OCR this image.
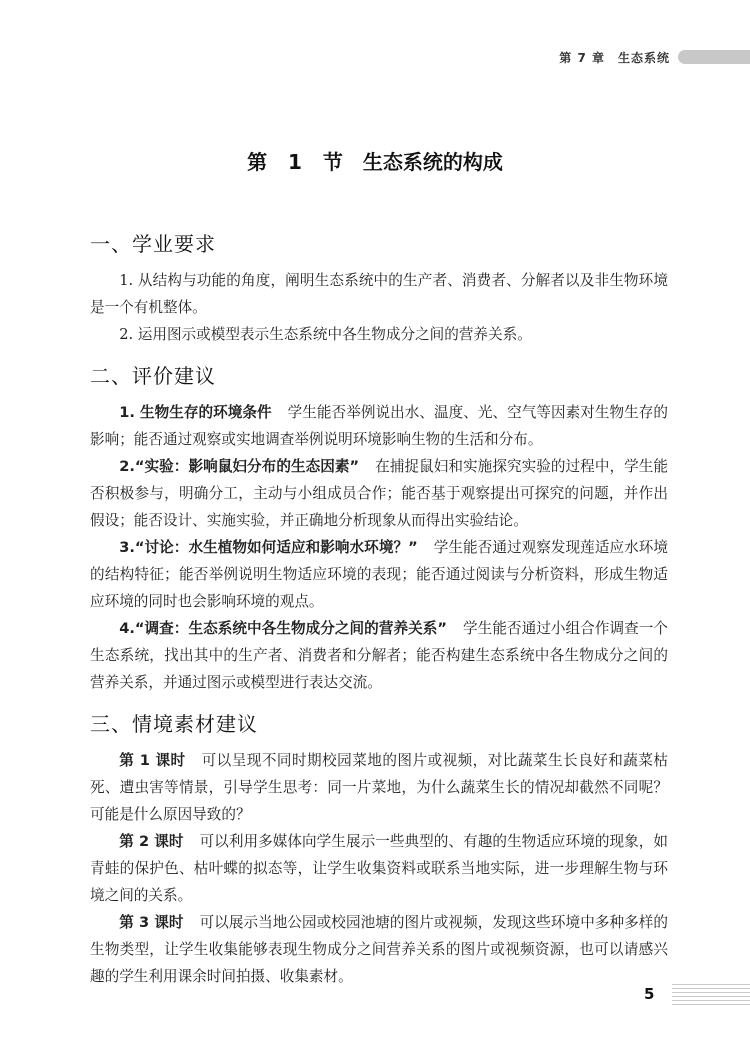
第 7 章　生态系统
第 1 节　生态系统的构成
一、学业要求

1. 从结构与功能的角度，阐明生态系统中的生产者、消费者、分解者以及非生物环境是一个有机整体。

2. 运用图示或模型表示生态系统中各生物成分之间的营养关系。

二、评价建议

1. 生物生存的环境条件 学生能否举例说出水、温度、光、空气等因素对生物生存的影响；能否通过观察或实地调查举例说明环境影响生物的生活和分布。

2.“实验：影响鼠妇分布的生态因素” 在捕捉鼠妇和实施探究实验的过程中，学生能否积极参与，明确分工，主动与小组成员合作；能否基于观察提出可探究的问题，并作出假设；能否设计、实施实验，并正确地分析现象从而得出实验结论。

3.“讨论：水生植物如何适应和影响水环境？” 学生能否通过观察发现莲适应水环境的结构特征；能否举例说明生物适应环境的表现；能否通过阅读与分析资料，形成生物适应环境的同时也会影响环境的观点。

4.“调查：生态系统中各生物成分之间的营养关系” 学生能否通过小组合作调查一个生态系统，找出其中的生产者、消费者和分解者；能否构建生态系统中各生物成分之间的营养关系，并通过图示或模型进行表达交流。

三、情境素材建议

第 1 课时 可以呈现不同时期校园菜地的图片或视频，对比蔬菜生长良好和蔬菜枯死、遭虫害等情景，引导学生思考：同一片菜地，为什么蔬菜生长的情况却截然不同呢？可能是什么原因导致的？

第 2 课时 可以利用多媒体向学生展示一些典型的、有趣的生物适应环境的现象，如青蛙的保护色、枯叶蝶的拟态等，让学生收集资料或联系当地实际，进一步理解生物与环境之间的关系。

第 3 课时 可以展示当地公园或校园池塘的图片或视频，发现这些环境中多种多样的生物类型，让学生收集能够表现生物成分之间营养关系的图片或视频资源，也可以请感兴趣的学生利用课余时间拍摄、收集素材。

5
